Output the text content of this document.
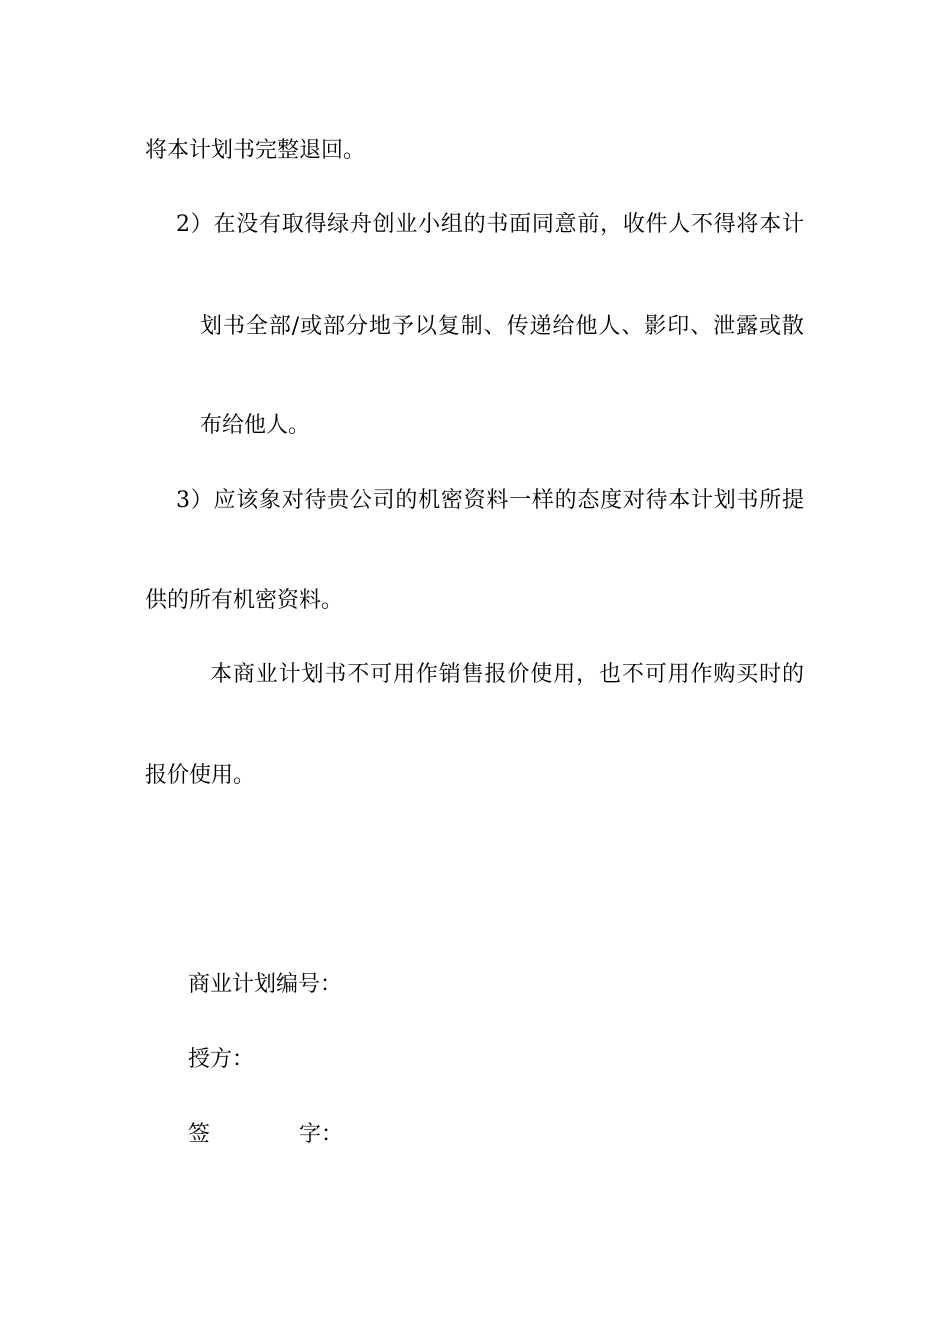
将本计划书完整退回。
2）在没有取得绿舟创业小组的书面同意前，收件人不得将本计
划书全部/或部分地予以复制、传递给他人、影印、泄露或散
布给他人。
3）应该象对待贵公司的机密资料一样的态度对待本计划书所提
供的所有机密资料。
本商业计划书不可用作销售报价使用，也不可用作购买时的
报价使用。
商业计划编号：
授方：
签	字：
